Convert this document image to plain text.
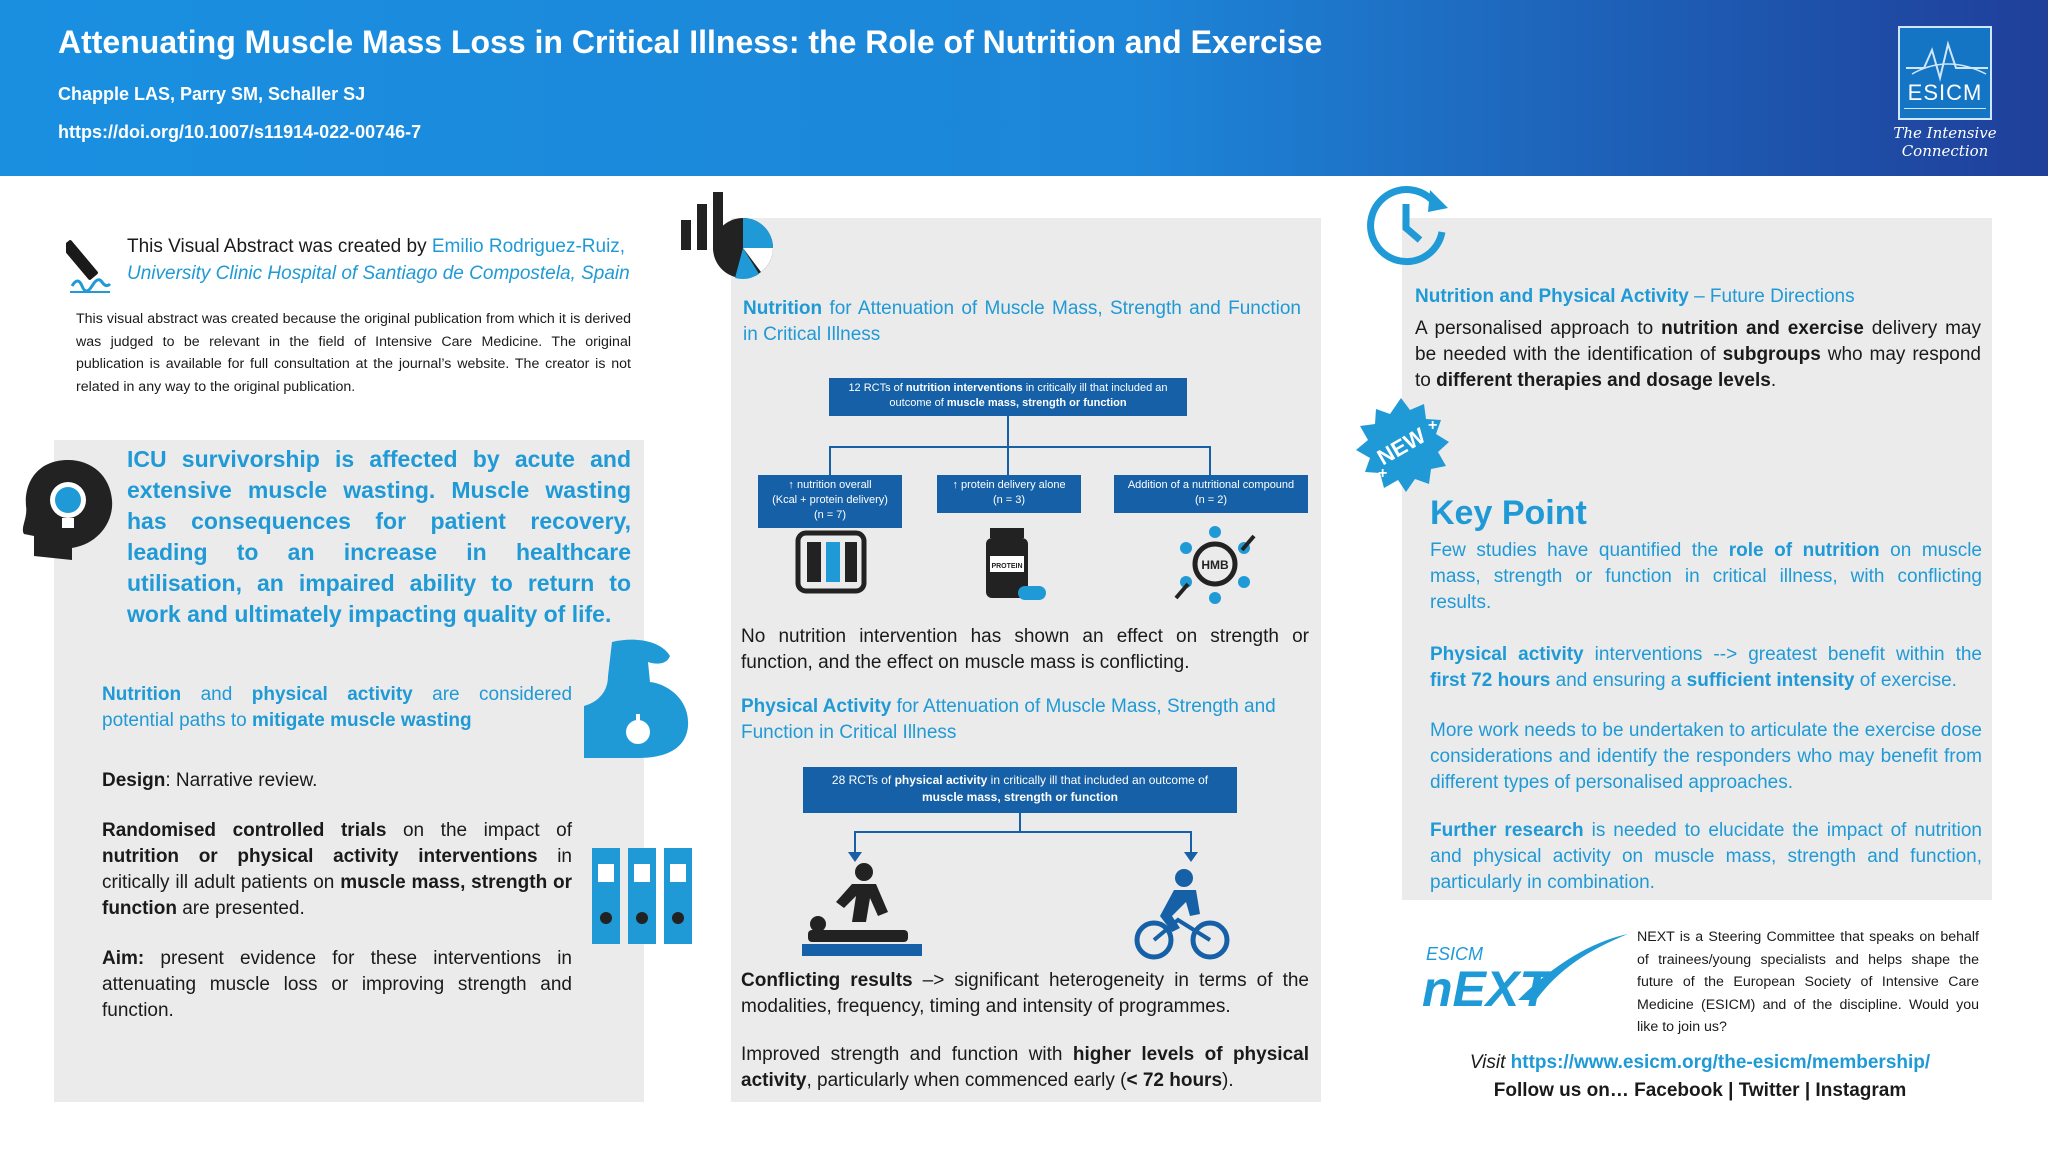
Attenuating Muscle Mass Loss in Critical Illness: the Role of Nutrition and Exercise
Chapple LAS, Parry SM, Schaller SJ
https://doi.org/10.1007/s11914-022-00746-7
ESICM
The Intensive Connection
This Visual Abstract was created by Emilio Rodriguez-Ruiz,
University Clinic Hospital of Santiago de Compostela, Spain

This visual abstract was created because the original publication from which it is derived was judged to be relevant in the field of Intensive Care Medicine. The original publication is available for full consultation at the journal’s website. The creator is not related in any way to the original publication.

ICU survivorship is affected by acute and extensive muscle wasting. Muscle wasting has consequences for patient recovery, leading to an increase in healthcare utilisation, an impaired ability to return to work and ultimately impacting quality of life.

Nutrition and physical activity are considered potential paths to mitigate muscle wasting

Design: Narrative review.

Randomised controlled trials on the impact of nutrition or physical activity interventions in critically ill adult patients on muscle mass, strength or function are presented.

Aim: present evidence for these interventions in attenuating muscle loss or improving strength and function.

Nutrition for Attenuation of Muscle Mass, Strength and Function in Critical Illness

12 RCTs of nutrition interventions in critically ill that included an outcome of muscle mass, strength or function
↑ nutrition overall
(Kcal + protein delivery)
(n = 7)
↑ protein delivery alone
(n = 3)
Addition of a nutritional compound
(n = 2)
PROTEIN	HMB

No nutrition intervention has shown an effect on strength or function, and the effect on muscle mass is conflicting.

Physical Activity for Attenuation of Muscle Mass, Strength and Function in Critical Illness

28 RCTs of physical activity in critically ill that included an outcome of
muscle mass, strength or function

Conflicting results –> significant heterogeneity in terms of the modalities, frequency, timing and intensity of programmes.

Improved strength and function with higher levels of physical activity, particularly when commenced early (< 72 hours).

Nutrition and Physical Activity – Future Directions

A personalised approach to nutrition and exercise delivery may be needed with the identification of subgroups who may respond to different therapies and dosage levels.

NEW
+
+
Key Point

Few studies have quantified the role of nutrition on muscle mass, strength or function in critical illness, with conflicting results.

Physical activity interventions --> greatest benefit within the first 72 hours and ensuring a sufficient intensity of exercise.

More work needs to be undertaken to articulate the exercise dose considerations and identify the responders who may benefit from different types of personalised approaches.

Further research is needed to elucidate the impact of nutrition and physical activity on muscle mass, strength and function, particularly in combination.

ESICM
nEXT

NEXT is a Steering Committee that speaks on behalf of trainees/young specialists and helps shape the future of the European Society of Intensive Care Medicine (ESICM) and of the discipline. Would you like to join us?

Visit https://www.esicm.org/the-esicm/membership/
Follow us on… Facebook | Twitter | Instagram
